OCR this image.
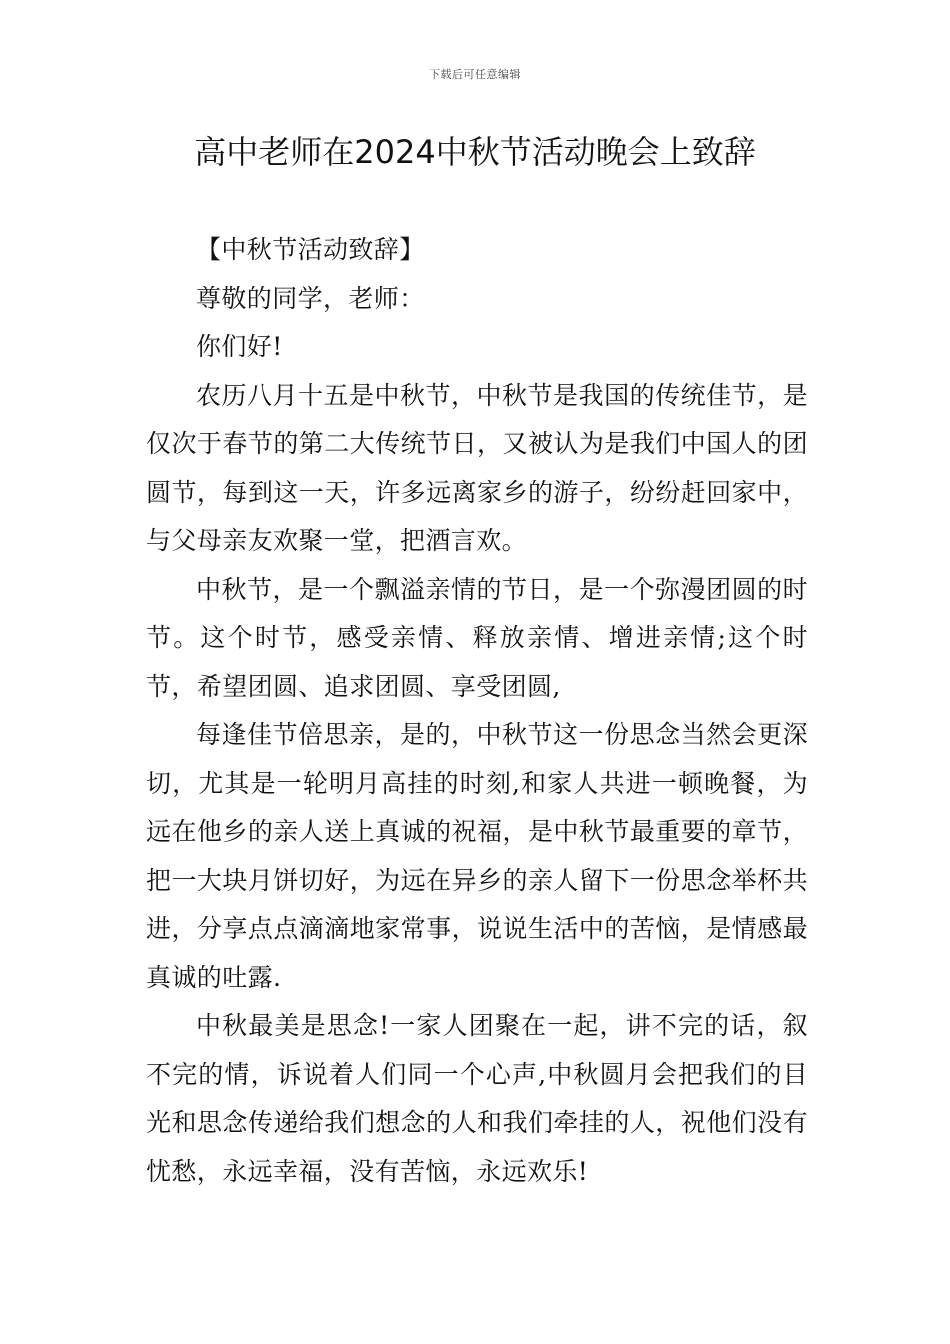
下载后可任意编辑
高中老师在2024中秋节活动晚会上致辞

【中秋节活动致辞】

尊敬的同学，老师：

你们好!

农历八月十五是中秋节，中秋节是我国的传统佳节，是仅次于春节的第二大传统节日，又被认为是我们中国人的团圆节，每到这一天，许多远离家乡的游子，纷纷赶回家中，与父母亲友欢聚一堂，把酒言欢。

中秋节，是一个飘溢亲情的节日，是一个弥漫团圆的时节。这个时节，感受亲情、释放亲情、增进亲情;这个时节，希望团圆、追求团圆、享受团圆,

每逢佳节倍思亲，是的，中秋节这一份思念当然会更深切，尤其是一轮明月高挂的时刻,和家人共进一顿晚餐，为远在他乡的亲人送上真诚的祝福，是中秋节最重要的章节，把一大块月饼切好，为远在异乡的亲人留下一份思念举杯共进，分享点点滴滴地家常事，说说生活中的苦恼，是情感最真诚的吐露.

中秋最美是思念!一家人团聚在一起，讲不完的话，叙不完的情，诉说着人们同一个心声,中秋圆月会把我们的目光和思念传递给我们想念的人和我们牵挂的人，祝他们没有忧愁，永远幸福，没有苦恼，永远欢乐!
